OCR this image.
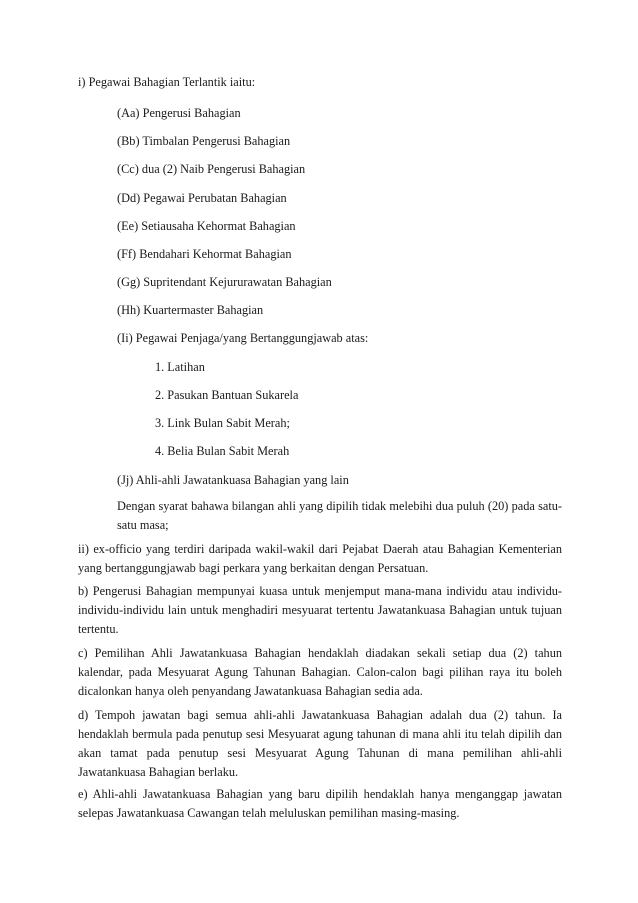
i) Pegawai Bahagian Terlantik iaitu:
(Aa) Pengerusi Bahagian
(Bb) Timbalan Pengerusi Bahagian
(Cc) dua (2) Naib Pengerusi Bahagian
(Dd) Pegawai Perubatan Bahagian
(Ee) Setiausaha Kehormat Bahagian
(Ff) Bendahari Kehormat Bahagian
(Gg) Supritendant Kejururawatan Bahagian
(Hh) Kuartermaster Bahagian
(Ii) Pegawai Penjaga/yang Bertanggungjawab atas:
1. Latihan
2. Pasukan Bantuan Sukarela
3. Link Bulan Sabit Merah;
4. Belia Bulan Sabit Merah
(Jj) Ahli-ahli Jawatankuasa Bahagian yang lain
Dengan syarat bahawa bilangan ahli yang dipilih tidak melebihi dua puluh (20) pada satu-satu masa;
ii) ex-officio yang terdiri daripada wakil-wakil dari Pejabat Daerah atau Bahagian Kementerian yang bertanggungjawab bagi perkara yang berkaitan dengan Persatuan.
b) Pengerusi Bahagian mempunyai kuasa untuk menjemput mana-mana individu atau individu-individu-individu lain untuk menghadiri mesyuarat tertentu Jawatankuasa Bahagian untuk tujuan tertentu.
c) Pemilihan Ahli Jawatankuasa Bahagian hendaklah diadakan sekali setiap dua (2) tahun kalendar, pada Mesyuarat Agung Tahunan Bahagian. Calon-calon bagi pilihan raya itu boleh dicalonkan hanya oleh penyandang Jawatankuasa Bahagian sedia ada.
d) Tempoh jawatan bagi semua ahli-ahli Jawatankuasa Bahagian adalah dua (2) tahun. Ia hendaklah bermula pada penutup sesi Mesyuarat agung tahunan di mana ahli itu telah dipilih dan akan tamat pada penutup sesi Mesyuarat Agung Tahunan di mana pemilihan ahli-ahli Jawatankuasa Bahagian berlaku.
e) Ahli-ahli Jawatankuasa Bahagian yang baru dipilih hendaklah hanya menganggap jawatan selepas Jawatankuasa Cawangan telah meluluskan pemilihan masing-masing.
